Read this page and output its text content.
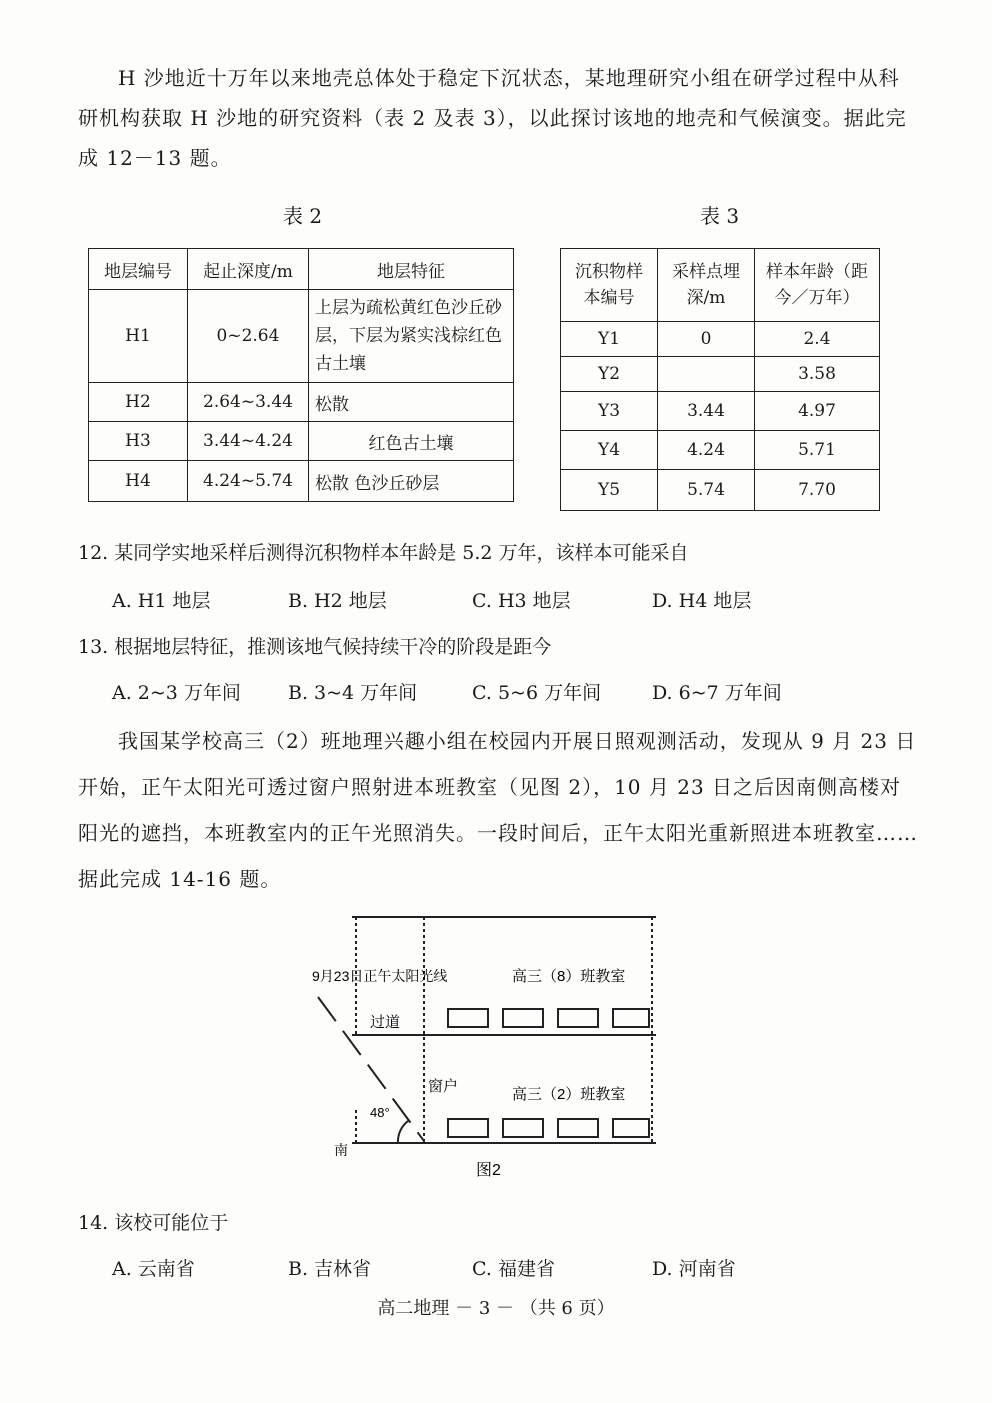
H 沙地近十万年以来地壳总体处于稳定下沉状态，某地理研究小组在研学过程中从科研机构获取 H 沙地的研究资料（表 2 及表 3），以此探讨该地的地壳和气候演变。据此完成 12－13 题。
表 2
地层编号	起止深度/m	地层特征
H1	0~2.64	上层为疏松黄红色沙丘砂层，下层为紧实浅棕红色古土壤
H2	2.64~3.44	松散
H3	3.44~4.24	红色古土壤
H4	4.24~5.74	松散 色沙丘砂层
表 3
沉积物样本编号	采样点埋深/m	样本年龄（距今／万年）
Y1	0	2.4
Y2		3.58
Y3	3.44	4.97
Y4	4.24	5.71
Y5	5.74	7.70
12. 某同学实地采样后测得沉积物样本年龄是 5.2 万年，该样本可能采自
A. H1 地层	B. H2 地层	C. H3 地层	D. H4 地层
13. 根据地层特征，推测该地气候持续干冷的阶段是距今
A. 2~3 万年间 B. 3~4 万年间	C. 5~6 万年间	D. 6~7 万年间
我国某学校高三（2）班地理兴趣小组在校园内开展日照观测活动，发现从 9 月 23 日开始，正午太阳光可透过窗户照射进本班教室（见图 2），10 月 23 日之后因南侧高楼对阳光的遮挡，本班教室内的正午光照消失。一段时间后，正午太阳光重新照进本班教室……据此完成 14-16 题。
9月23日正午太阳光线
过道
窗户
高三（8）班教室
高三（2）班教室
48°
南
图2
14. 该校可能位于
A. 云南省	B. 吉林省	C. 福建省	D. 河南省
高二地理 － 3 － （共 6 页）
